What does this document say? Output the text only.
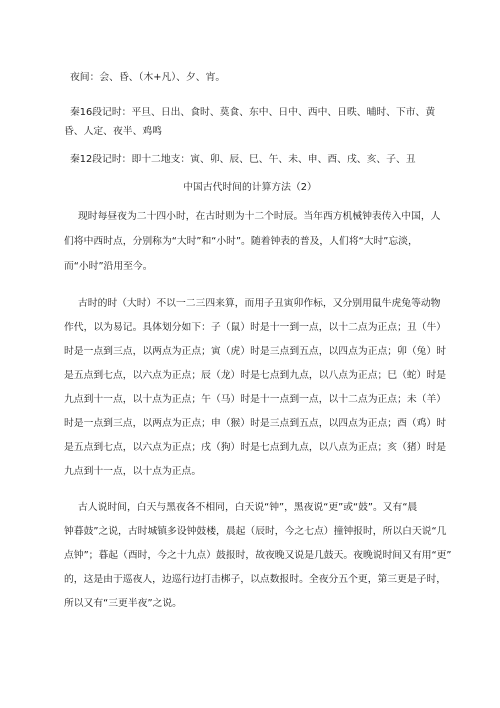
夜间：会、昏、（木+凡）、夕、宵。
秦16段记时：平旦、日出、食时、莫食、东中、日中、西中、日昳、晡时、下市、黄
昏、人定、夜半、鸡鸣
秦12段记时：即十二地支：寅、卯、辰、巳、午、未、申、酉、戌、亥、子、丑
中国古代时间的计算方法（2）
现时每昼夜为二十四小时，在古时则为十二个时辰。当年西方机械钟表传入中国，人
们将中西时点，分别称为“大时”和“小时”。随着钟表的普及，人们将“大时”忘淡，
而“小时”沿用至今。
古时的时（大时）不以一二三四来算，而用子丑寅卯作标，又分别用鼠牛虎兔等动物
作代，以为易记。具体划分如下：子（鼠）时是十一到一点，以十二点为正点；丑（牛）
时是一点到三点，以两点为正点；寅（虎）时是三点到五点，以四点为正点；卯（兔）时
是五点到七点，以六点为正点；辰（龙）时是七点到九点，以八点为正点；巳（蛇）时是
九点到十一点，以十点为正点；午（马）时是十一点到一点，以十二点为正点；未（羊）
时是一点到三点，以两点为正点；申（猴）时是三点到五点，以四点为正点；酉（鸡）时
是五点到七点，以六点为正点；戌（狗）时是七点到九点，以八点为正点；亥（猪）时是
九点到十一点，以十点为正点。
古人说时间，白天与黑夜各不相同，白天说“钟”，黑夜说“更”或“鼓”。又有“晨
钟暮鼓”之说，古时城镇多设钟鼓楼，晨起（辰时，今之七点）撞钟报时，所以白天说“几
点钟”；暮起（酉时，今之十九点）鼓报时，故夜晚又说是几鼓天。夜晚说时间又有用“更”
的，这是由于巡夜人，边巡行边打击梆子，以点数报时。全夜分五个更，第三更是子时，
所以又有“三更半夜”之说。
